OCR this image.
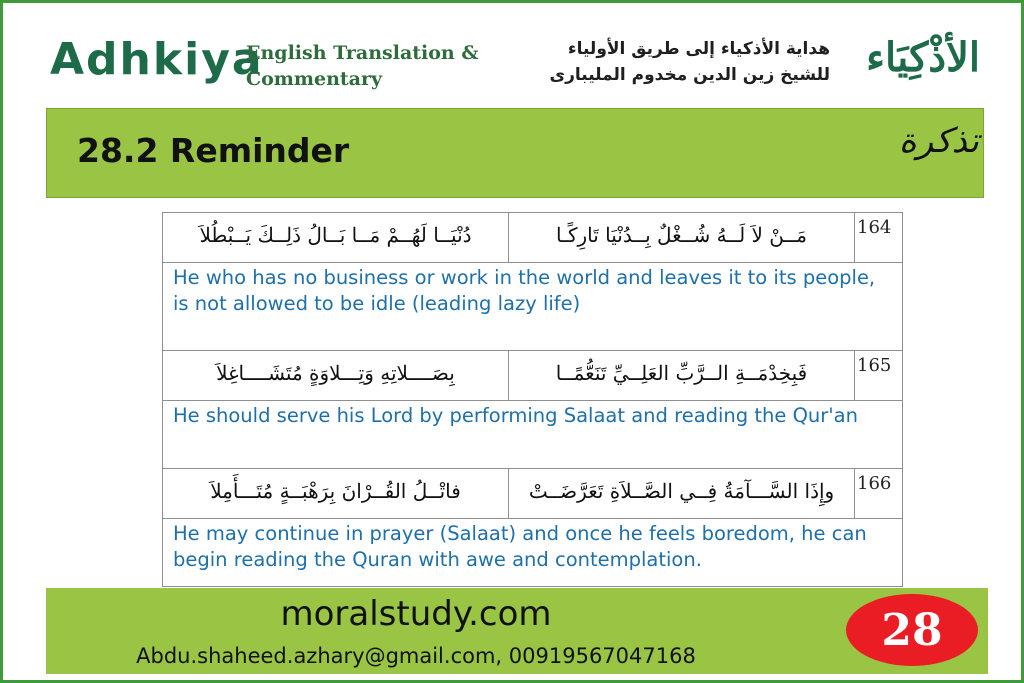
Adhkiya
English Translation &
Commentary
هداية الأذكياء إلى طريق الأولياء
للشيخ زين الدين مخدوم المليبارى الأذْكِيَاء
28.2 Reminder	تذكرة
دُنْيَــا لَهُــمْ مَــا بَــالُ ذَلِــكَ يَــبْطُلاَ	مَــنْ لاَ لَــهُ شُــغْلٌ بِــدُنْيَا تَارِكًـا	164
He who has no business or work in the world and leaves it to its people, is not allowed to be idle (leading lazy life)		
بِصَــــلاتِهِ وَتِـــلاوَةٍ مُتَشَــــاغِلاَ	فَبِخِدْمَــةِ الــرَّبِّ العَلِــيِّ تَنَعُّمًــا	165
He should serve his Lord by performing Salaat and reading the Qur'an		
فاتْــلُ القُــرْانَ بِرَهْبَــةٍ مُتَـــأَمِلاَ	وإِذَا السَّـــآمَةُ فِــي الصَّــلاَةِ تَعَرَّضَــتْ	166
He may continue in prayer (Salaat) and once he feels boredom, he can begin reading the Quran with awe and contemplation.		
moralstudy.com
Abdu.shaheed.azhary@gmail.com, 00919567047168
28
